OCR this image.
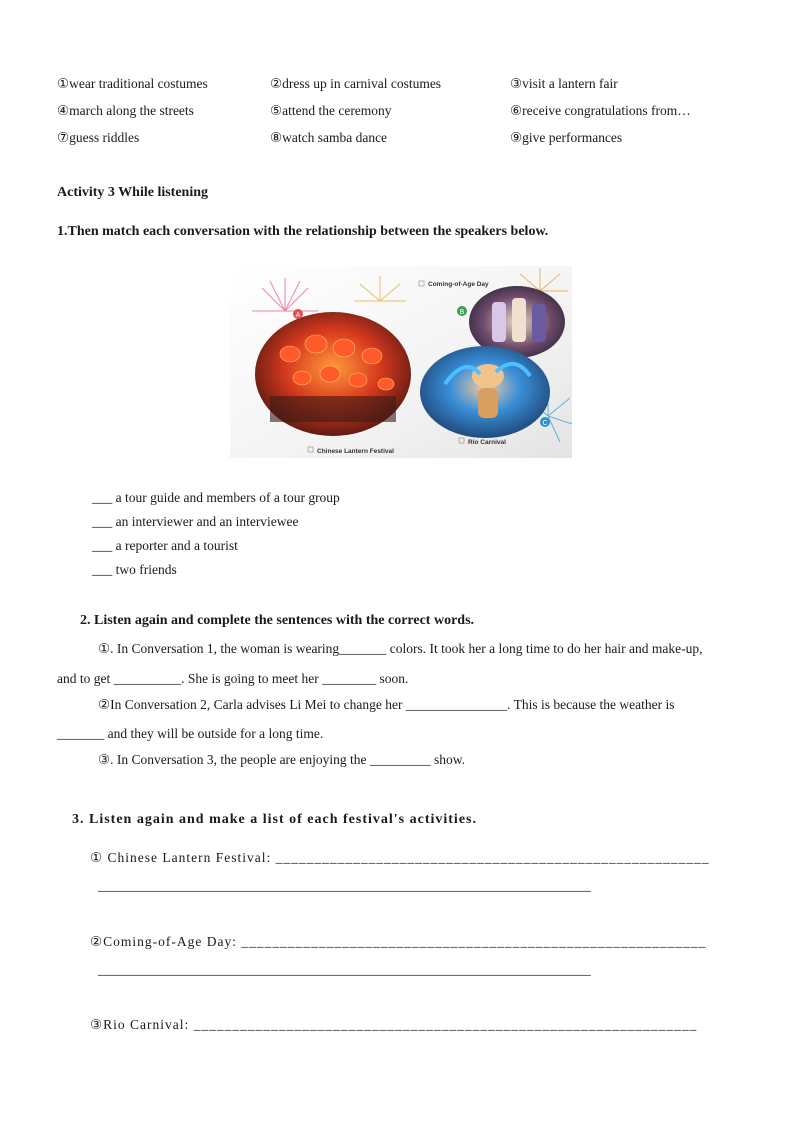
①wear traditional costumes	②dress up in carnival costumes	③visit a lantern fair
④march along the streets	⑤attend the ceremony	⑥receive congratulations from…
⑦guess riddles	⑧watch samba dance	⑨give performances
Activity 3 While listening
1.Then match each conversation with the relationship between the speakers below.
A	B
C
Coming-of-Age Day
Rio Carnival
Chinese Lantern Festival
___ a tour guide and members of a tour group
___ an interviewer and an interviewee
___ a reporter and a tourist
___ two friends
2. Listen again and complete the sentences with the correct words.
①. In Conversation 1, the woman is wearing_______ colors. It took her a long time to do her hair and make-up,
and to get __________. She is going to meet her ________ soon.
②In Conversation 2, Carla advises Li Mei to change her _______________. This is because the weather is
_______ and they will be outside for a long time.
③. In Conversation 3, the people are enjoying the _________ show.
3. Listen again and make a list of each festival's activities.
① Chinese Lantern Festival: ________________________________________________________
_________________________________________________________________________
②Coming-of-Age Day: ____________________________________________________________
_________________________________________________________________________
③Rio Carnival: _________________________________________________________________
